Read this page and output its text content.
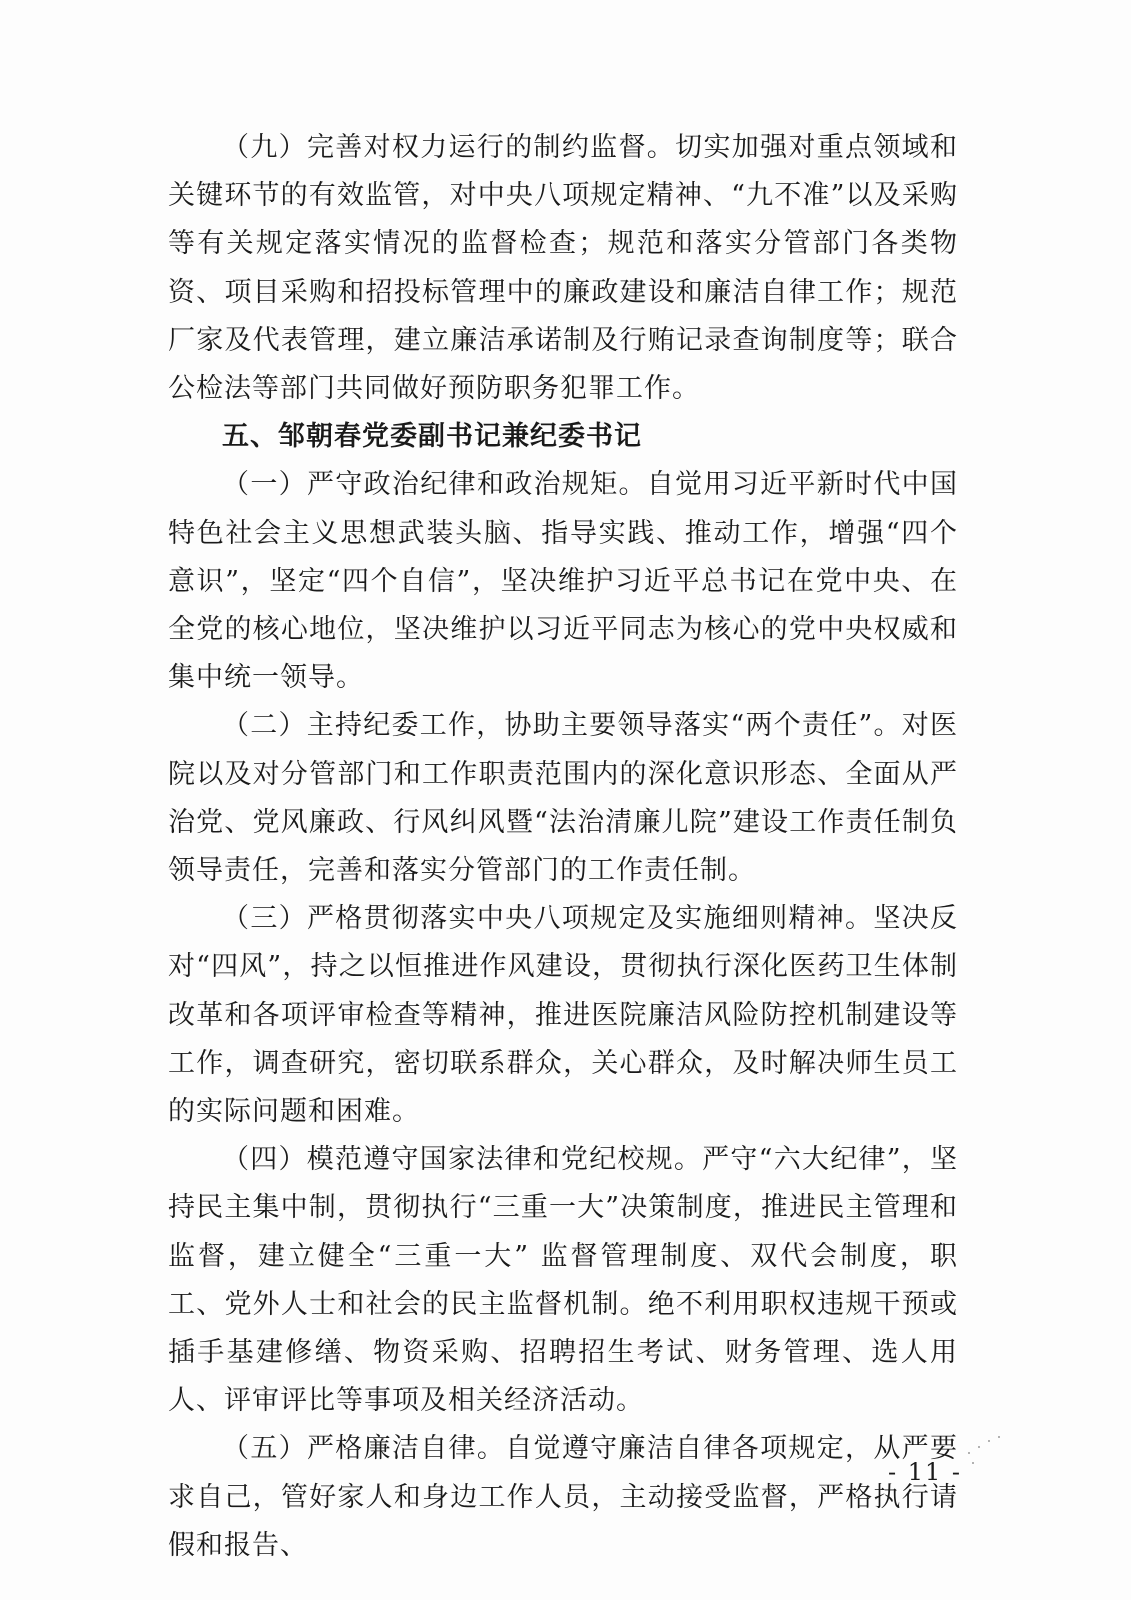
（九）完善对权力运行的制约监督。切实加强对重点领域和关键环节的有效监管，对中央八项规定精神、“九不准”以及采购等有关规定落实情况的监督检查；规范和落实分管部门各类物资、项目采购和招投标管理中的廉政建设和廉洁自律工作；规范厂家及代表管理，建立廉洁承诺制及行贿记录查询制度等；联合公检法等部门共同做好预防职务犯罪工作。

五、邹朝春党委副书记兼纪委书记

（一）严守政治纪律和政治规矩。自觉用习近平新时代中国特色社会主义思想武装头脑、指导实践、推动工作，增强“四个意识”，坚定“四个自信”，坚决维护习近平总书记在党中央、在全党的核心地位，坚决维护以习近平同志为核心的党中央权威和集中统一领导。

（二）主持纪委工作，协助主要领导落实“两个责任”。对医院以及对分管部门和工作职责范围内的深化意识形态、全面从严治党、党风廉政、行风纠风暨“法治清廉儿院”建设工作责任制负领导责任，完善和落实分管部门的工作责任制。

（三）严格贯彻落实中央八项规定及实施细则精神。坚决反对“四风”，持之以恒推进作风建设，贯彻执行深化医药卫生体制改革和各项评审检查等精神，推进医院廉洁风险防控机制建设等工作，调查研究，密切联系群众，关心群众，及时解决师生员工的实际问题和困难。

（四）模范遵守国家法律和党纪校规。严守“六大纪律”，坚持民主集中制，贯彻执行“三重一大”决策制度，推进民主管理和监督，建立健全“三重一大” 监督管理制度、双代会制度，职工、党外人士和社会的民主监督机制。绝不利用职权违规干预或插手基建修缮、物资采购、招聘招生考试、财务管理、选人用人、评审评比等事项及相关经济活动。

（五）严格廉洁自律。自觉遵守廉洁自律各项规定，从严要求自己，管好家人和身边工作人员，主动接受监督，严格执行请假和报告、

- 11 -
